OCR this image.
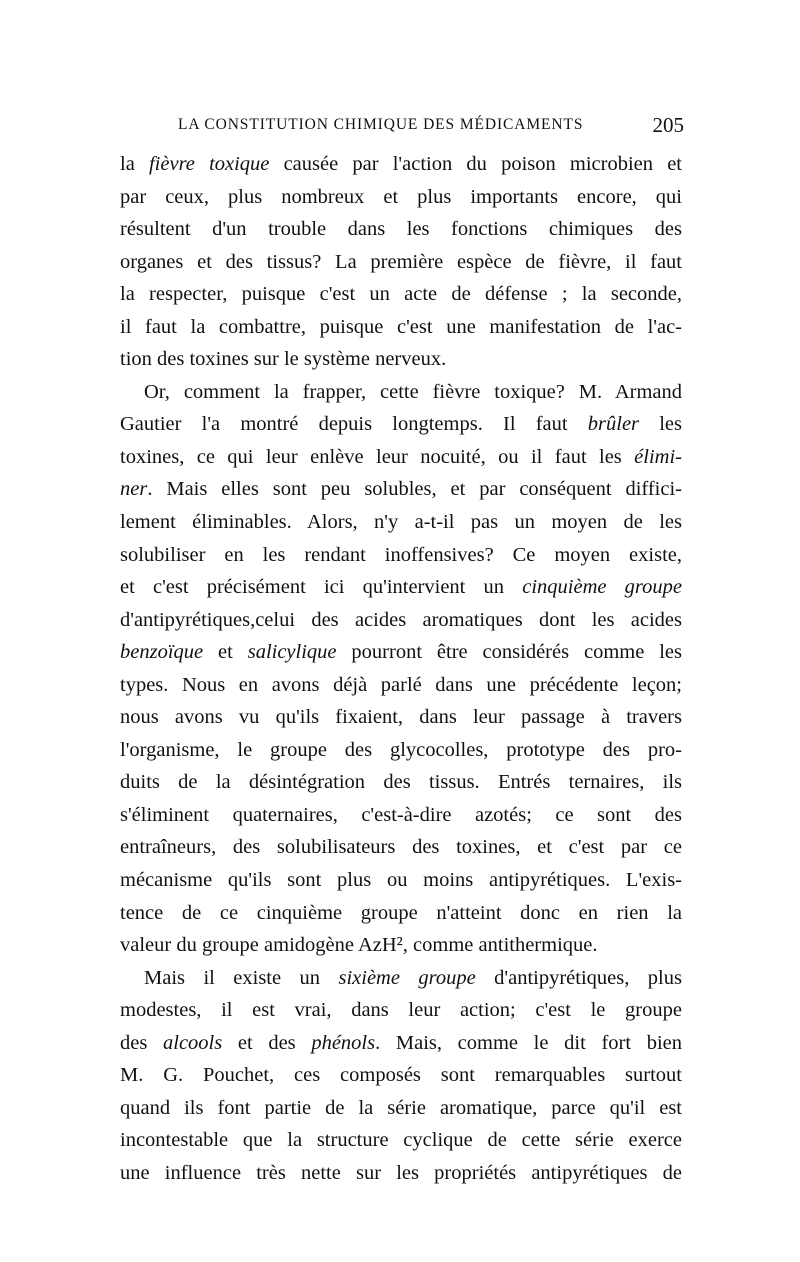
LA CONSTITUTION CHIMIQUE DES MÉDICAMENTS	205
la fièvre toxique causée par l'action du poison microbien et
par ceux, plus nombreux et plus importants encore, qui
résultent d'un trouble dans les fonctions chimiques des
organes et des tissus? La première espèce de fièvre, il faut
la respecter, puisque c'est un acte de défense ; la seconde,
il faut la combattre, puisque c'est une manifestation de l'ac-
tion des toxines sur le système nerveux.
Or, comment la frapper, cette fièvre toxique? M. Armand
Gautier l'a montré depuis longtemps. Il faut brûler les
toxines, ce qui leur enlève leur nocuité, ou il faut les élimi-
ner. Mais elles sont peu solubles, et par conséquent diffici-
lement éliminables. Alors, n'y a-t-il pas un moyen de les
solubiliser en les rendant inoffensives? Ce moyen existe,
et c'est précisément ici qu'intervient un cinquième groupe
d'antipyrétiques,celui des acides aromatiques dont les acides
benzoïque et salicylique pourront être considérés comme les
types. Nous en avons déjà parlé dans une précédente leçon;
nous avons vu qu'ils fixaient, dans leur passage à travers
l'organisme, le groupe des glycocolles, prototype des pro-
duits de la désintégration des tissus. Entrés ternaires, ils
s'éliminent quaternaires, c'est-à-dire azotés; ce sont des
entraîneurs, des solubilisateurs des toxines, et c'est par ce
mécanisme qu'ils sont plus ou moins antipyrétiques. L'exis-
tence de ce cinquième groupe n'atteint donc en rien la
valeur du groupe amidogène AzH², comme antithermique.
Mais il existe un sixième groupe d'antipyrétiques, plus
modestes, il est vrai, dans leur action; c'est le groupe
des alcools et des phénols. Mais, comme le dit fort bien
M. G. Pouchet, ces composés sont remarquables surtout
quand ils font partie de la série aromatique, parce qu'il est
incontestable que la structure cyclique de cette série exerce
une influence très nette sur les propriétés antipyrétiques de
